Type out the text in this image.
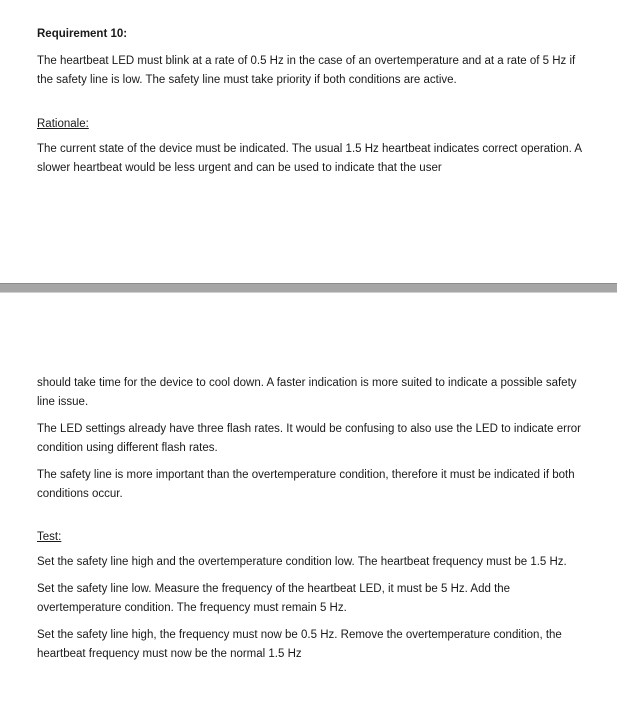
Requirement 10:

The heartbeat LED must blink at a rate of 0.5 Hz in the case of an overtemperature and at a rate of 5 Hz if the safety line is low. The safety line must take priority if both conditions are active.

Rationale:

The current state of the device must be indicated. The usual 1.5 Hz heartbeat indicates correct operation. A slower heartbeat would be less urgent and can be used to indicate that the user

should take time for the device to cool down. A faster indication is more suited to indicate a possible safety line issue.

The LED settings already have three flash rates. It would be confusing to also use the LED to indicate error condition using different flash rates.

The safety line is more important than the overtemperature condition, therefore it must be indicated if both conditions occur.

Test:

Set the safety line high and the overtemperature condition low. The heartbeat frequency must be 1.5 Hz.

Set the safety line low. Measure the frequency of the heartbeat LED, it must be 5 Hz. Add the overtemperature condition. The frequency must remain 5 Hz.

Set the safety line high, the frequency must now be 0.5 Hz. Remove the overtemperature condition, the heartbeat frequency must now be the normal 1.5 Hz
